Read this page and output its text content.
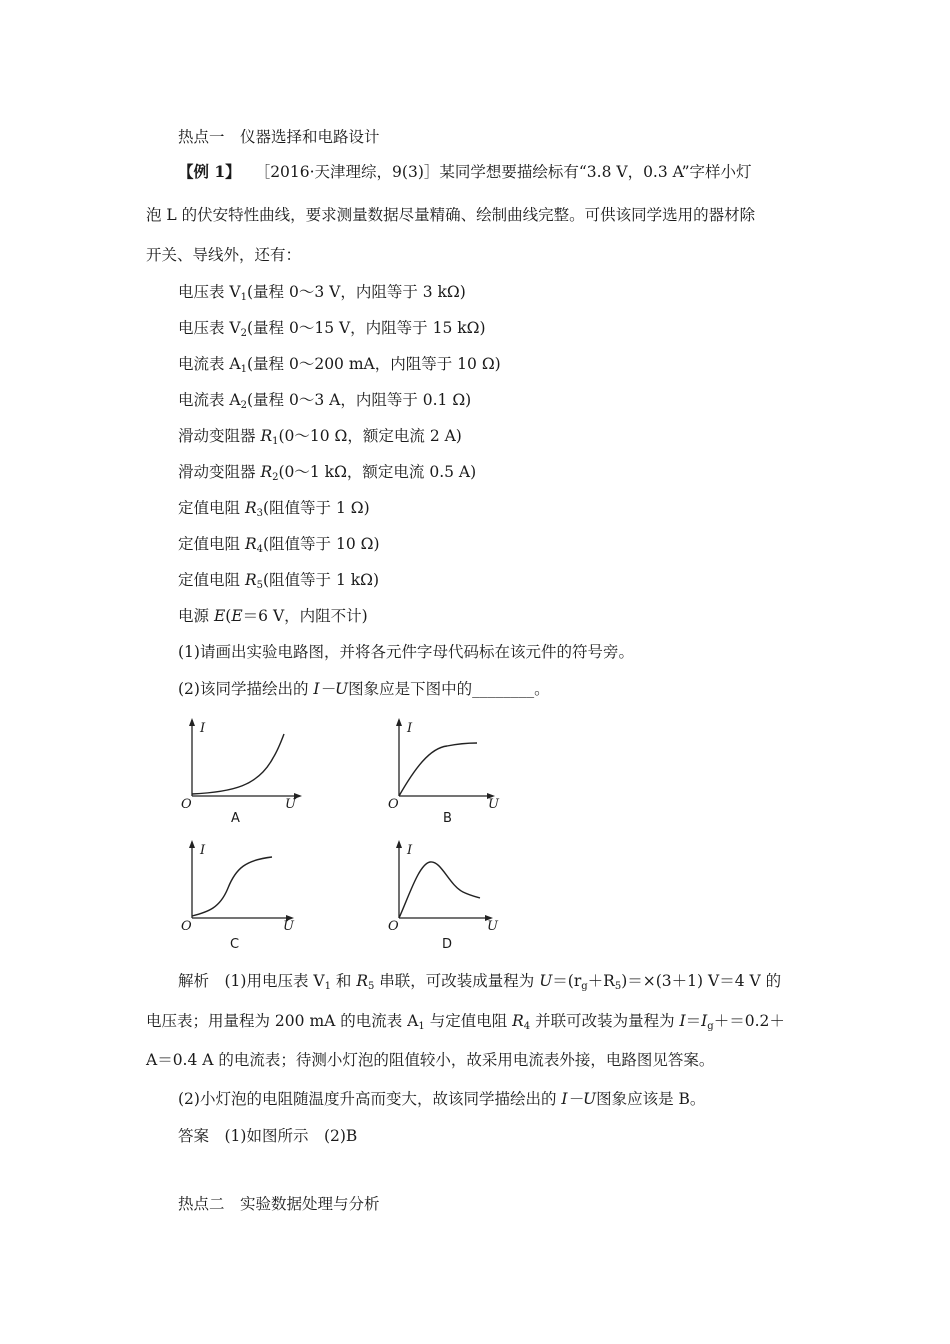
热点一　仪器选择和电路设计
【例 1】 ［2016·天津理综，9(3)］某同学想要描绘标有“3.8 V，0.3 A”字样小灯
泡 L 的伏安特性曲线，要求测量数据尽量精确、绘制曲线完整。可供该同学选用的器材除
开关、导线外，还有：
电压表 $V_1$(量程 0～3 V，内阻等于 3 kΩ)
电压表 $V_2$(量程 0～15 V，内阻等于 15 kΩ)
电流表 $A_1$(量程 0～200 mA，内阻等于 10 Ω)
电流表 $A_2$(量程 0～3 A，内阻等于 0.1 Ω)
滑动变阻器 $R_1(0\sim 10$ Ω，额定电流 2 A)
滑动变阻器 $R_2(0\sim 1$ kΩ，额定电流 0.5 A)
定值电阻 $R_3$(阻值等于 1 Ω)
定值电阻 $R_4$(阻值等于 10 Ω)
定值电阻 $R_5$(阻值等于 1 kΩ)
电源 E(E＝6 V，内阻不计)
(1)请画出实验电路图，并将各元件字母代码标在该元件的符号旁。
(2)该同学描绘出的 I－U图象应是下图中的________。
I
U
O
A
I
U
O
B
I
U
O
C
I
U
O
D
解析　(1)用电压表 $V_1$ 和 $R_5$ 串联，可改装成量程为 $U=(r_g+R_5)=\times(3+1)$ V＝4 V 的
电压表；用量程为 200 mA 的电流表 $A_1$ 与定值电阻 $R_4$ 并联可改装为量程为 $I=I_g+=0.2+$
A＝0.4 A 的电流表；待测小灯泡的阻值较小，故采用电流表外接，电路图见答案。
(2)小灯泡的电阻随温度升高而变大，故该同学描绘出的 I－U图象应该是 B。
答案　(1)如图所示　(2)B
热点二　实验数据处理与分析
